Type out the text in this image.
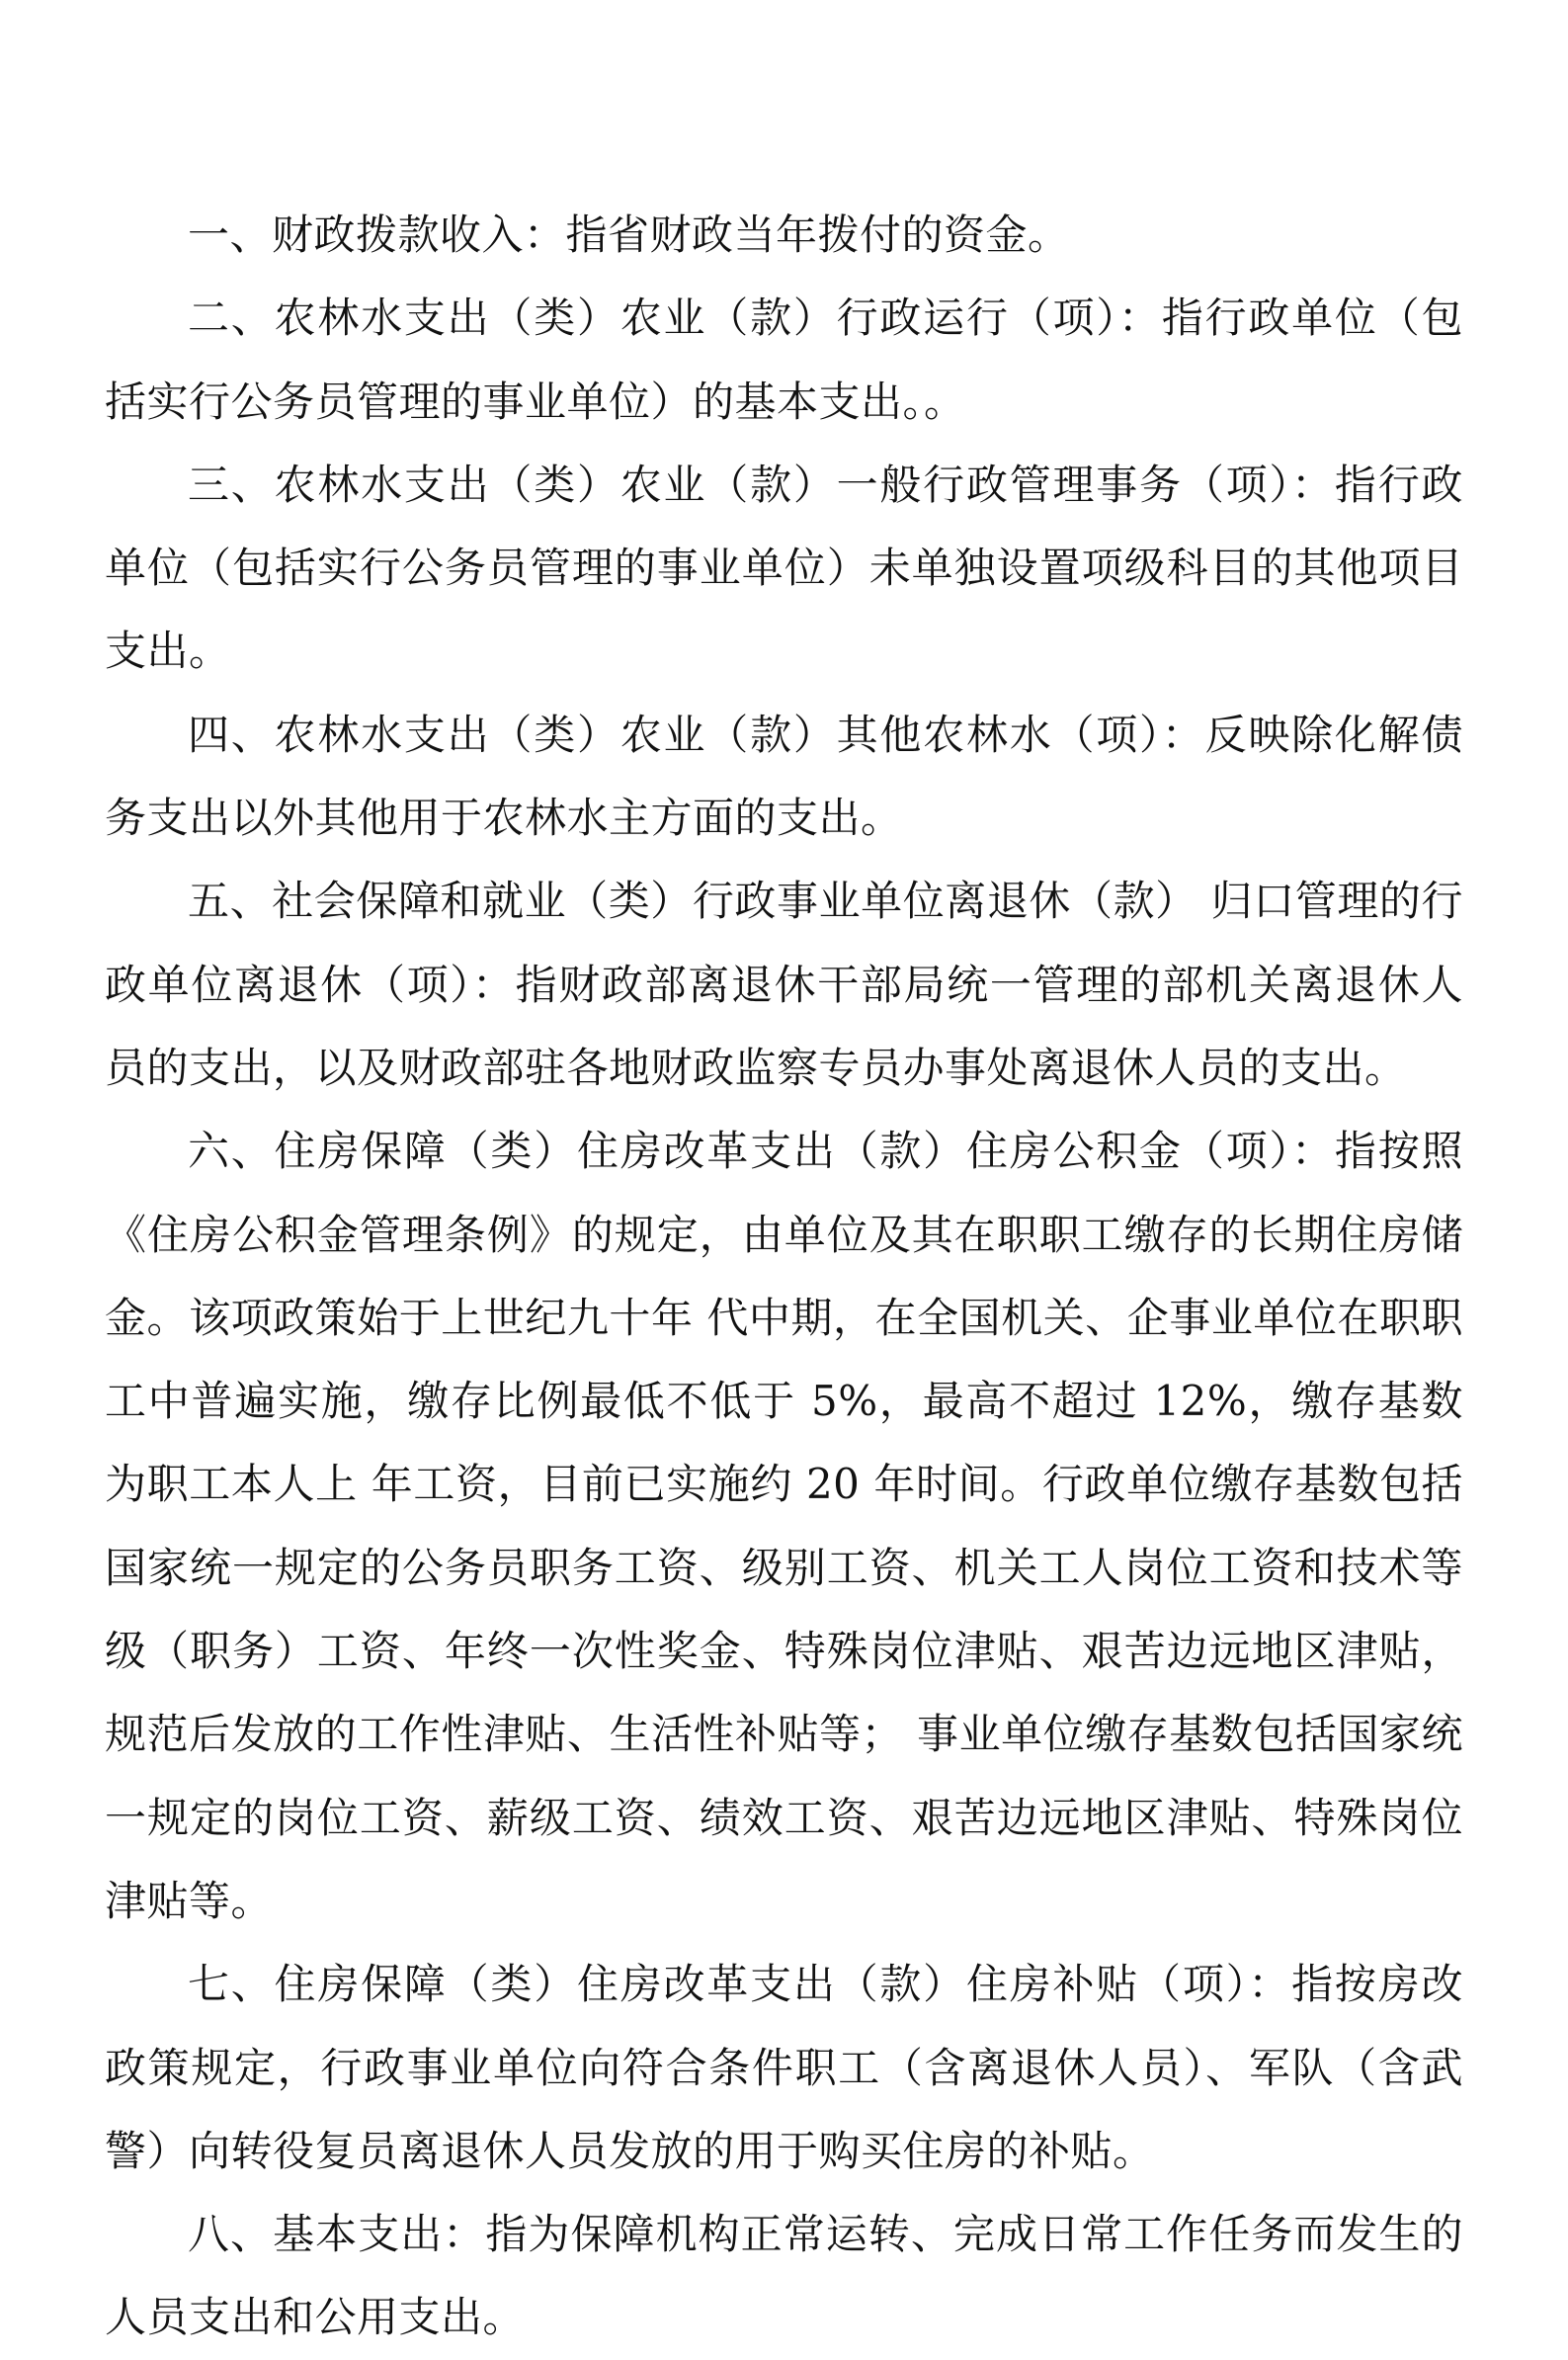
一、财政拨款收入：指省财政当年拨付的资金。

二、农林水支出（类）农业（款）行政运行（项）：指行政单位（包括实行公务员管理的事业单位）的基本支出。。

三、农林水支出（类）农业（款）一般行政管理事务（项）：指行政单位（包括实行公务员管理的事业单位）未单独设置项级科目的其他项目支出。

四、农林水支出（类）农业（款）其他农林水（项）：反映除化解债务支出以外其他用于农林水主方面的支出。

五、社会保障和就业（类）行政事业单位离退休（款） 归口管理的行政单位离退休（项）：指财政部离退休干部局统一管理的部机关离退休人员的支出，以及财政部驻各地财政监察专员办事处离退休人员的支出。

六、住房保障（类）住房改革支出（款）住房公积金（项）：指按照《住房公积金管理条例》的规定，由单位及其在职职工缴存的长期住房储金。该项政策始于上世纪九十年 代中期，在全国机关、企事业单位在职职工中普遍实施，缴存比例最低不低于 5%，最高不超过 12%，缴存基数为职工本人上 年工资，目前已实施约 20 年时间。行政单位缴存基数包括国家统一规定的公务员职务工资、级别工资、机关工人岗位工资和技术等级（职务）工资、年终一次性奖金、特殊岗位津贴、艰苦边远地区津贴，规范后发放的工作性津贴、生活性补贴等； 事业单位缴存基数包括国家统一规定的岗位工资、薪级工资、绩效工资、艰苦边远地区津贴、特殊岗位津贴等。

七、住房保障（类）住房改革支出（款）住房补贴（项）：指按房改政策规定，行政事业单位向符合条件职工（含离退休人员）、军队（含武警）向转役复员离退休人员发放的用于购买住房的补贴。

八、基本支出：指为保障机构正常运转、完成日常工作任务而发生的人员支出和公用支出。
